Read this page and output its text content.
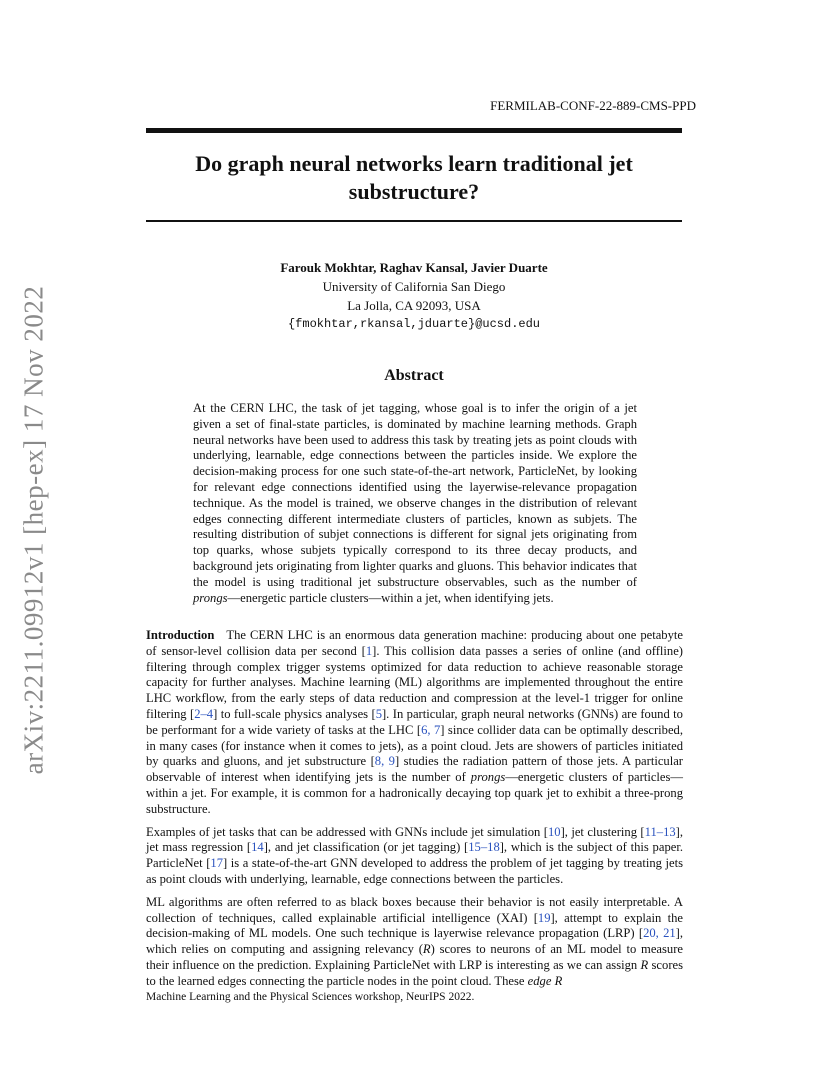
arXiv:2211.09912v1 [hep-ex] 17 Nov 2022
FERMILAB-CONF-22-889-CMS-PPD
Do graph neural networks learn traditional jet
substructure?
Farouk Mokhtar, Raghav Kansal, Javier Duarte
University of California San Diego
La Jolla, CA 92093, USA
{fmokhtar,rkansal,jduarte}@ucsd.edu
Abstract

At the CERN LHC, the task of jet tagging, whose goal is to infer the origin of a jet given a set of final-state particles, is dominated by machine learning methods. Graph neural networks have been used to address this task by treating jets as point clouds with underlying, learnable, edge connections between the particles inside. We explore the decision-making process for one such state-of-the-art network, ParticleNet, by looking for relevant edge connections identified using the layerwise-relevance propagation technique. As the model is trained, we observe changes in the distribution of relevant edges connecting different intermediate clusters of particles, known as subjets. The resulting distribution of subjet connections is different for signal jets originating from top quarks, whose subjets typically correspond to its three decay products, and background jets originating from lighter quarks and gluons. This behavior indicates that the model is using traditional jet substructure observables, such as the number of prongs—energetic particle clusters—within a jet, when identifying jets.

Introduction The CERN LHC is an enormous data generation machine: producing about one petabyte of sensor-level collision data per second [1]. This collision data passes a series of online (and offline) filtering through complex trigger systems optimized for data reduction to achieve reasonable storage capacity for further analyses. Machine learning (ML) algorithms are implemented throughout the entire LHC workflow, from the early steps of data reduction and compression at the level-1 trigger for online filtering [2–4] to full-scale physics analyses [5]. In particular, graph neural networks (GNNs) are found to be performant for a wide variety of tasks at the LHC [6, 7] since collider data can be optimally described, in many cases (for instance when it comes to jets), as a point cloud. Jets are showers of particles initiated by quarks and gluons, and jet substructure [8, 9] studies the radiation pattern of those jets. A particular observable of interest when identifying jets is the number of prongs—energetic clusters of particles—within a jet. For example, it is common for a hadronically decaying top quark jet to exhibit a three-prong substructure.

Examples of jet tasks that can be addressed with GNNs include jet simulation [10], jet clustering [11–13], jet mass regression [14], and jet classification (or jet tagging) [15–18], which is the subject of this paper. ParticleNet [17] is a state-of-the-art GNN developed to address the problem of jet tagging by treating jets as point clouds with underlying, learnable, edge connections between the particles.

ML algorithms are often referred to as black boxes because their behavior is not easily interpretable. A collection of techniques, called explainable artificial intelligence (XAI) [19], attempt to explain the decision-making of ML models. One such technique is layerwise relevance propagation (LRP) [20, 21], which relies on computing and assigning relevancy (R) scores to neurons of an ML model to measure their influence on the prediction. Explaining ParticleNet with LRP is interesting as we can assign R scores to the learned edges connecting the particle nodes in the point cloud. These edge R

Machine Learning and the Physical Sciences workshop, NeurIPS 2022.
